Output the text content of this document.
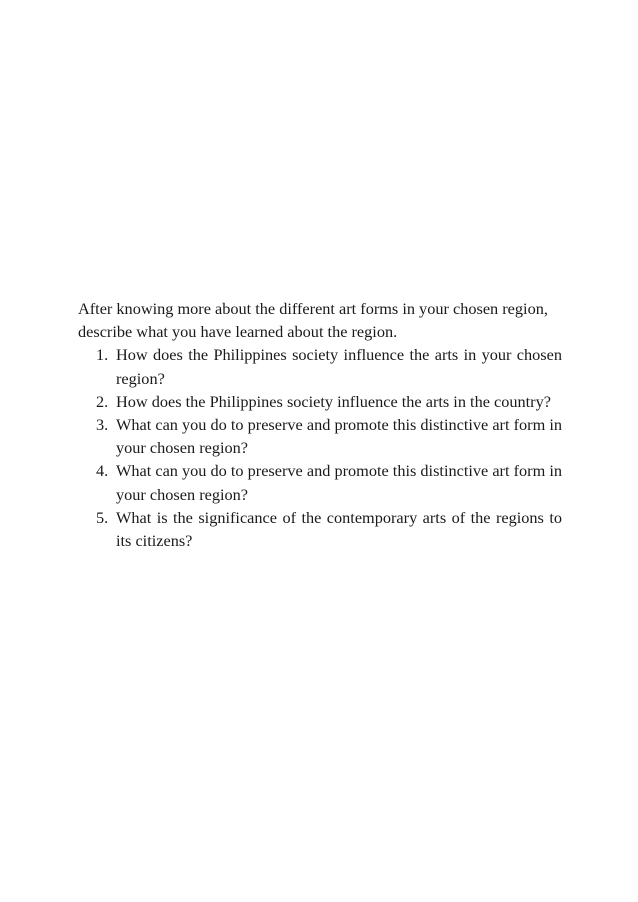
After knowing more about the different art forms in your chosen region, describe what you have learned about the region.

1. How does the Philippines society influence the arts in your chosen region?
2. How does the Philippines society influence the arts in the country?
3. What can you do to preserve and promote this distinctive art form in your chosen region?
4. What can you do to preserve and promote this distinctive art form in your chosen region?
5. What is the significance of the contemporary arts of the regions to its citizens?
